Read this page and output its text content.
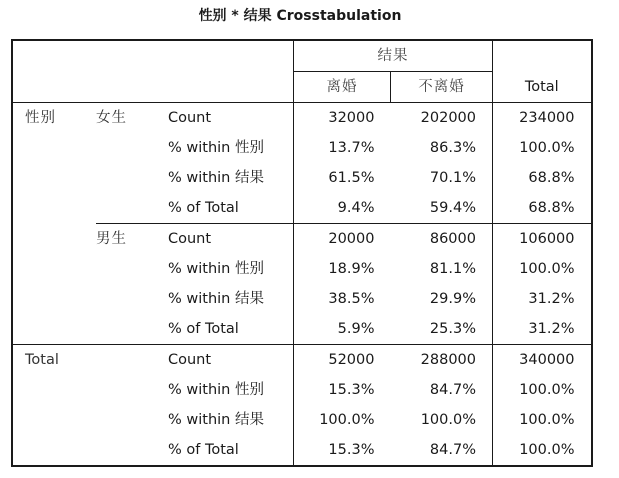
性别 * 结果 Crosstabulation
			结果		Total
			离婚	不离婚	
性别	女生	Count	32000	202000	234000
		% within 性别	13.7%	86.3%	100.0%
		% within 结果	61.5%	70.1%	68.8%
		% of Total	9.4%	59.4%	68.8%
	男生	Count	20000	86000	106000
		% within 性别	18.9%	81.1%	100.0%
		% within 结果	38.5%	29.9%	31.2%
		% of Total	5.9%	25.3%	31.2%
Total		Count	52000	288000	340000
		% within 性别	15.3%	84.7%	100.0%
		% within 结果	100.0%	100.0%	100.0%
		% of Total	15.3%	84.7%	100.0%
